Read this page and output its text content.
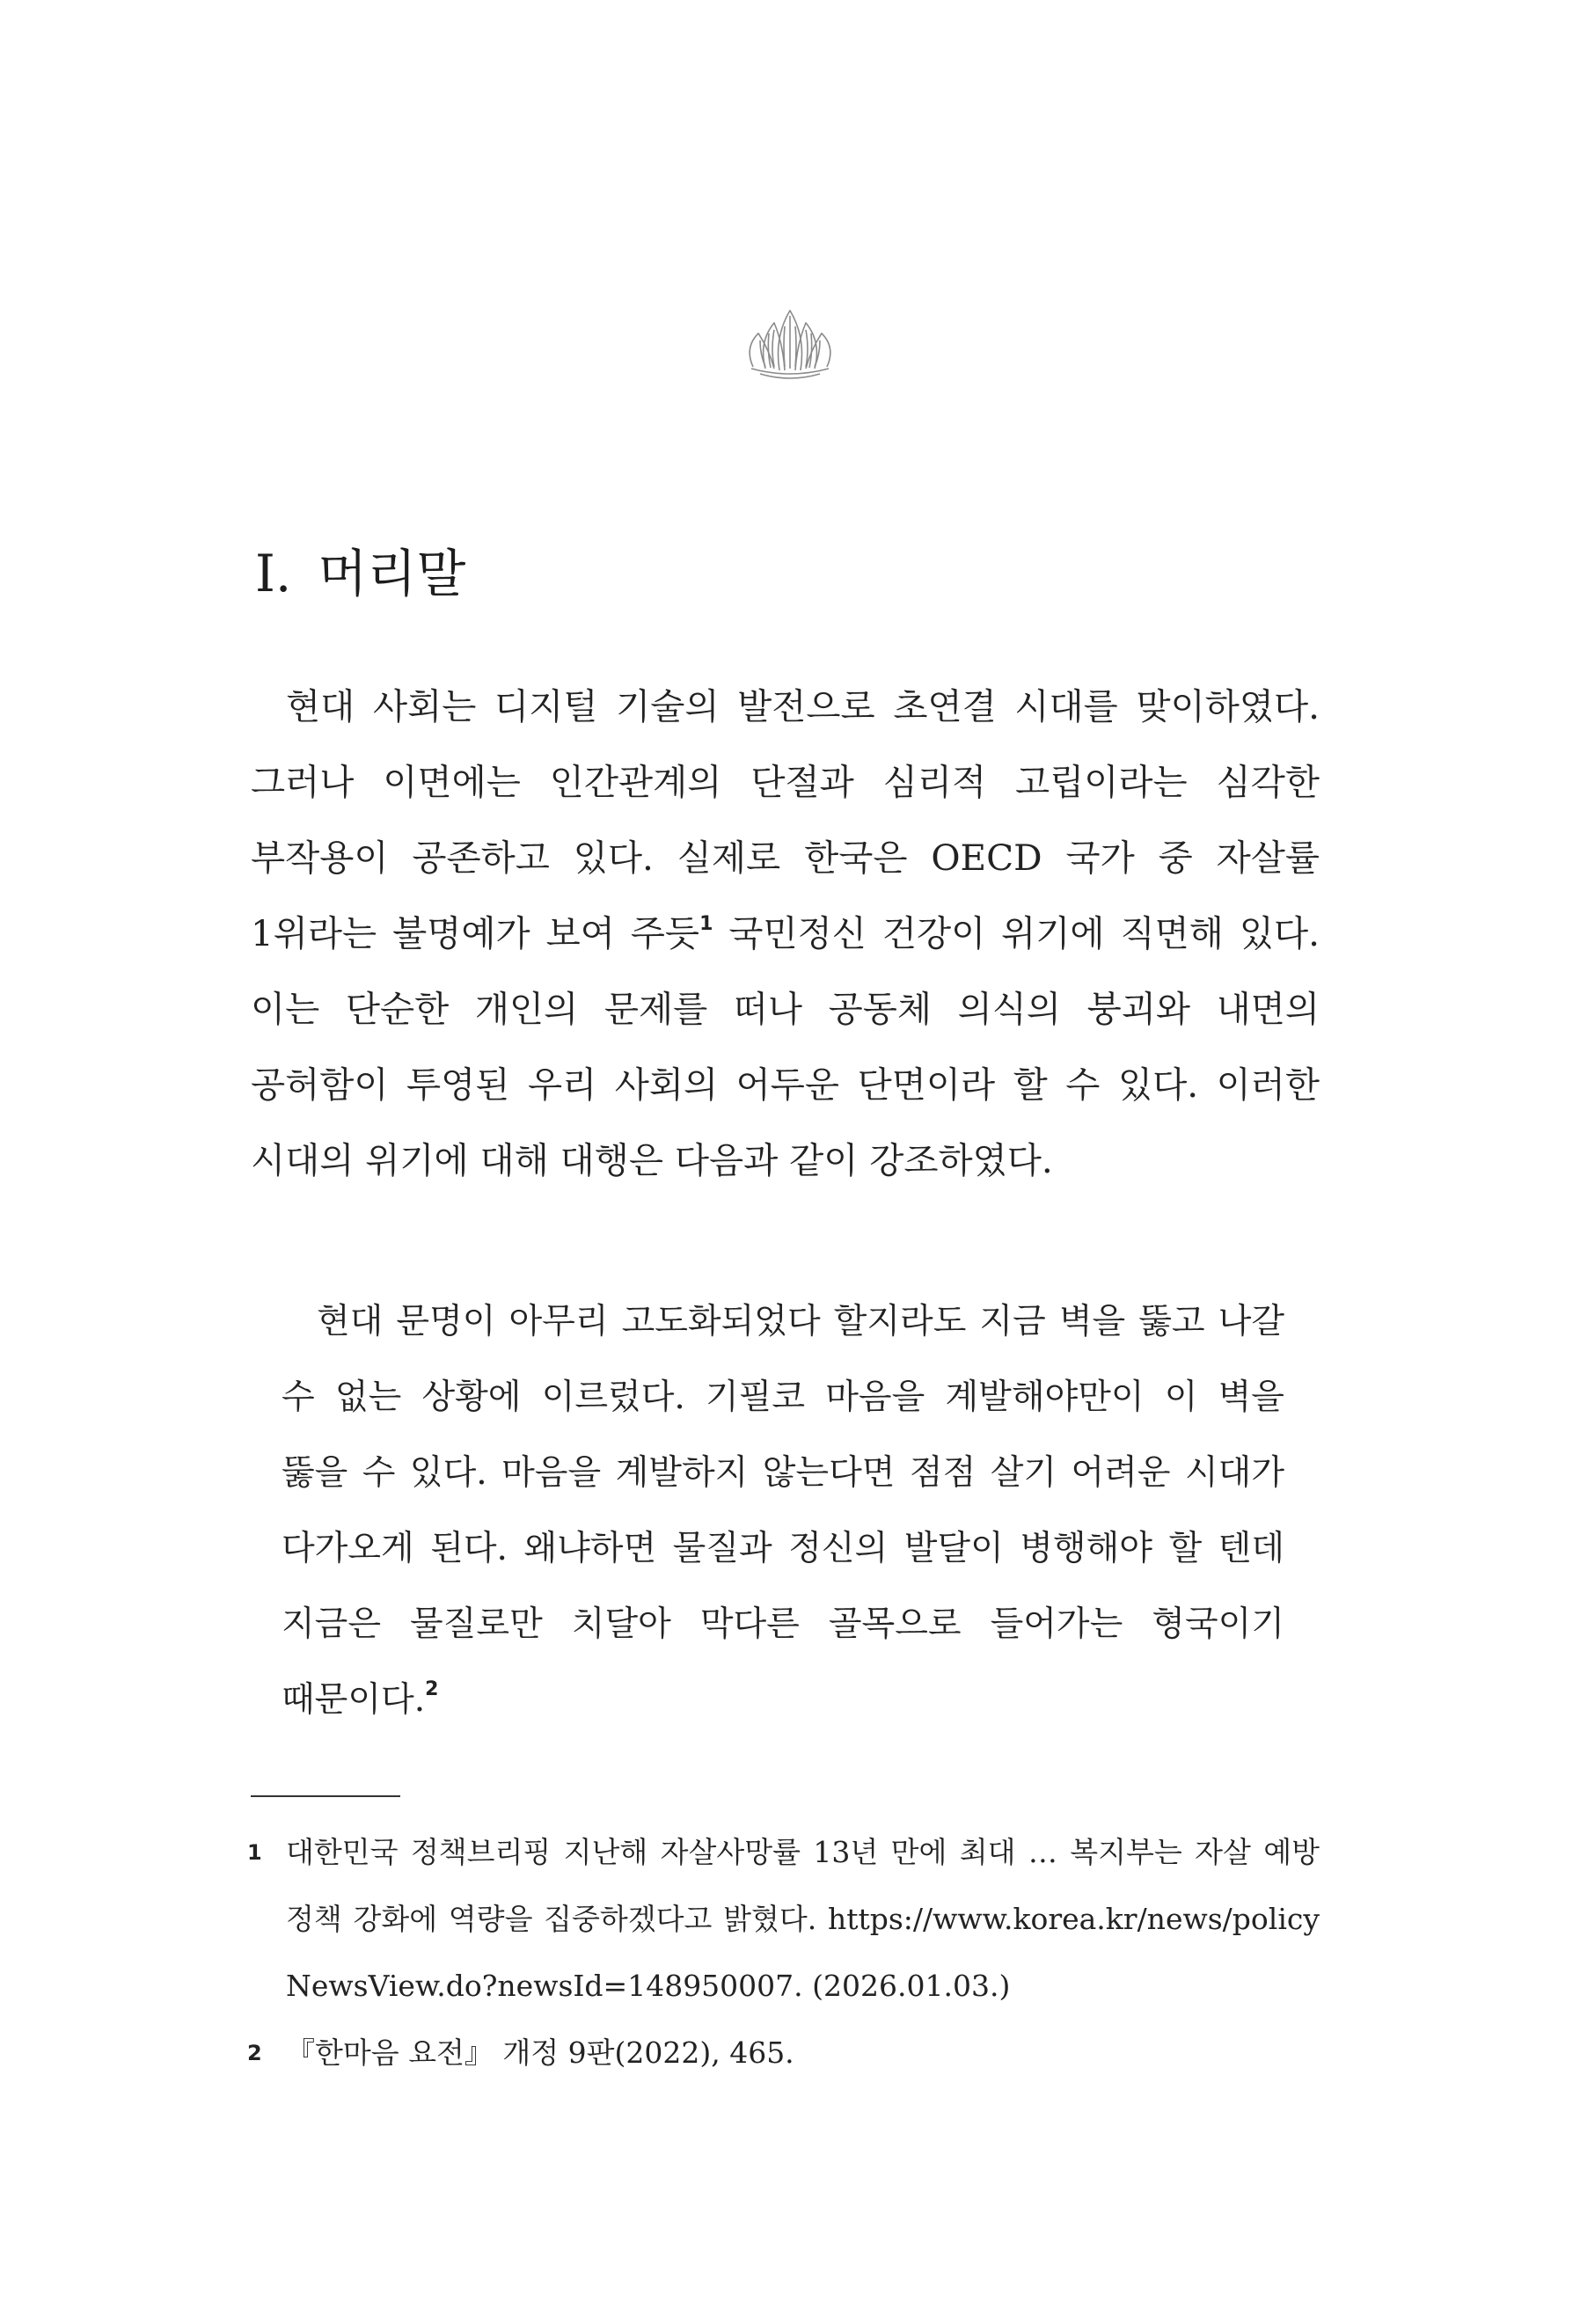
Ⅰ. 머리말

현대 사회는 디지털 기술의 발전으로 초연결 시대를 맞이하였다. 그러나 이면에는 인간관계의 단절과 심리적 고립이라는 심각한 부작용이 공존하고 있다. 실제로 한국은 OECD 국가 중 자살률 1위라는 불명예가 보여 주듯$^1$ 국민정신 건강이 위기에 직면해 있다. 이는 단순한 개인의 문제를 떠나 공동체 의식의 붕괴와 내면의 공허함이 투영된 우리 사회의 어두운 단면이라 할 수 있다. 이러한 시대의 위기에 대해 대행은 다음과 같이 강조하였다.

현대 문명이 아무리 고도화되었다 할지라도 지금 벽을 뚫고 나갈 수 없는 상황에 이르렀다. 기필코 마음을 계발해야만이 이 벽을 뚫을 수 있다. 마음을 계발하지 않는다면 점점 살기 어려운 시대가 다가오게 된다. 왜냐하면 물질과 정신의 발달이 병행해야 할 텐데 지금은 물질로만 치달아 막다른 골목으로 들어가는 형국이기 때문이다.$^2$
1 대한민국 정책브리핑 지난해 자살사망률 13년 만에 최대 … 복지부는 자살 예방 정책 강화에 역량을 집중하겠다고 밝혔다. https://www.korea.kr/news/policyNewsView.do?newsId=148950007. (2026.01.03.)
2 『한마음 요전』 개정 9판(2022), 465.
